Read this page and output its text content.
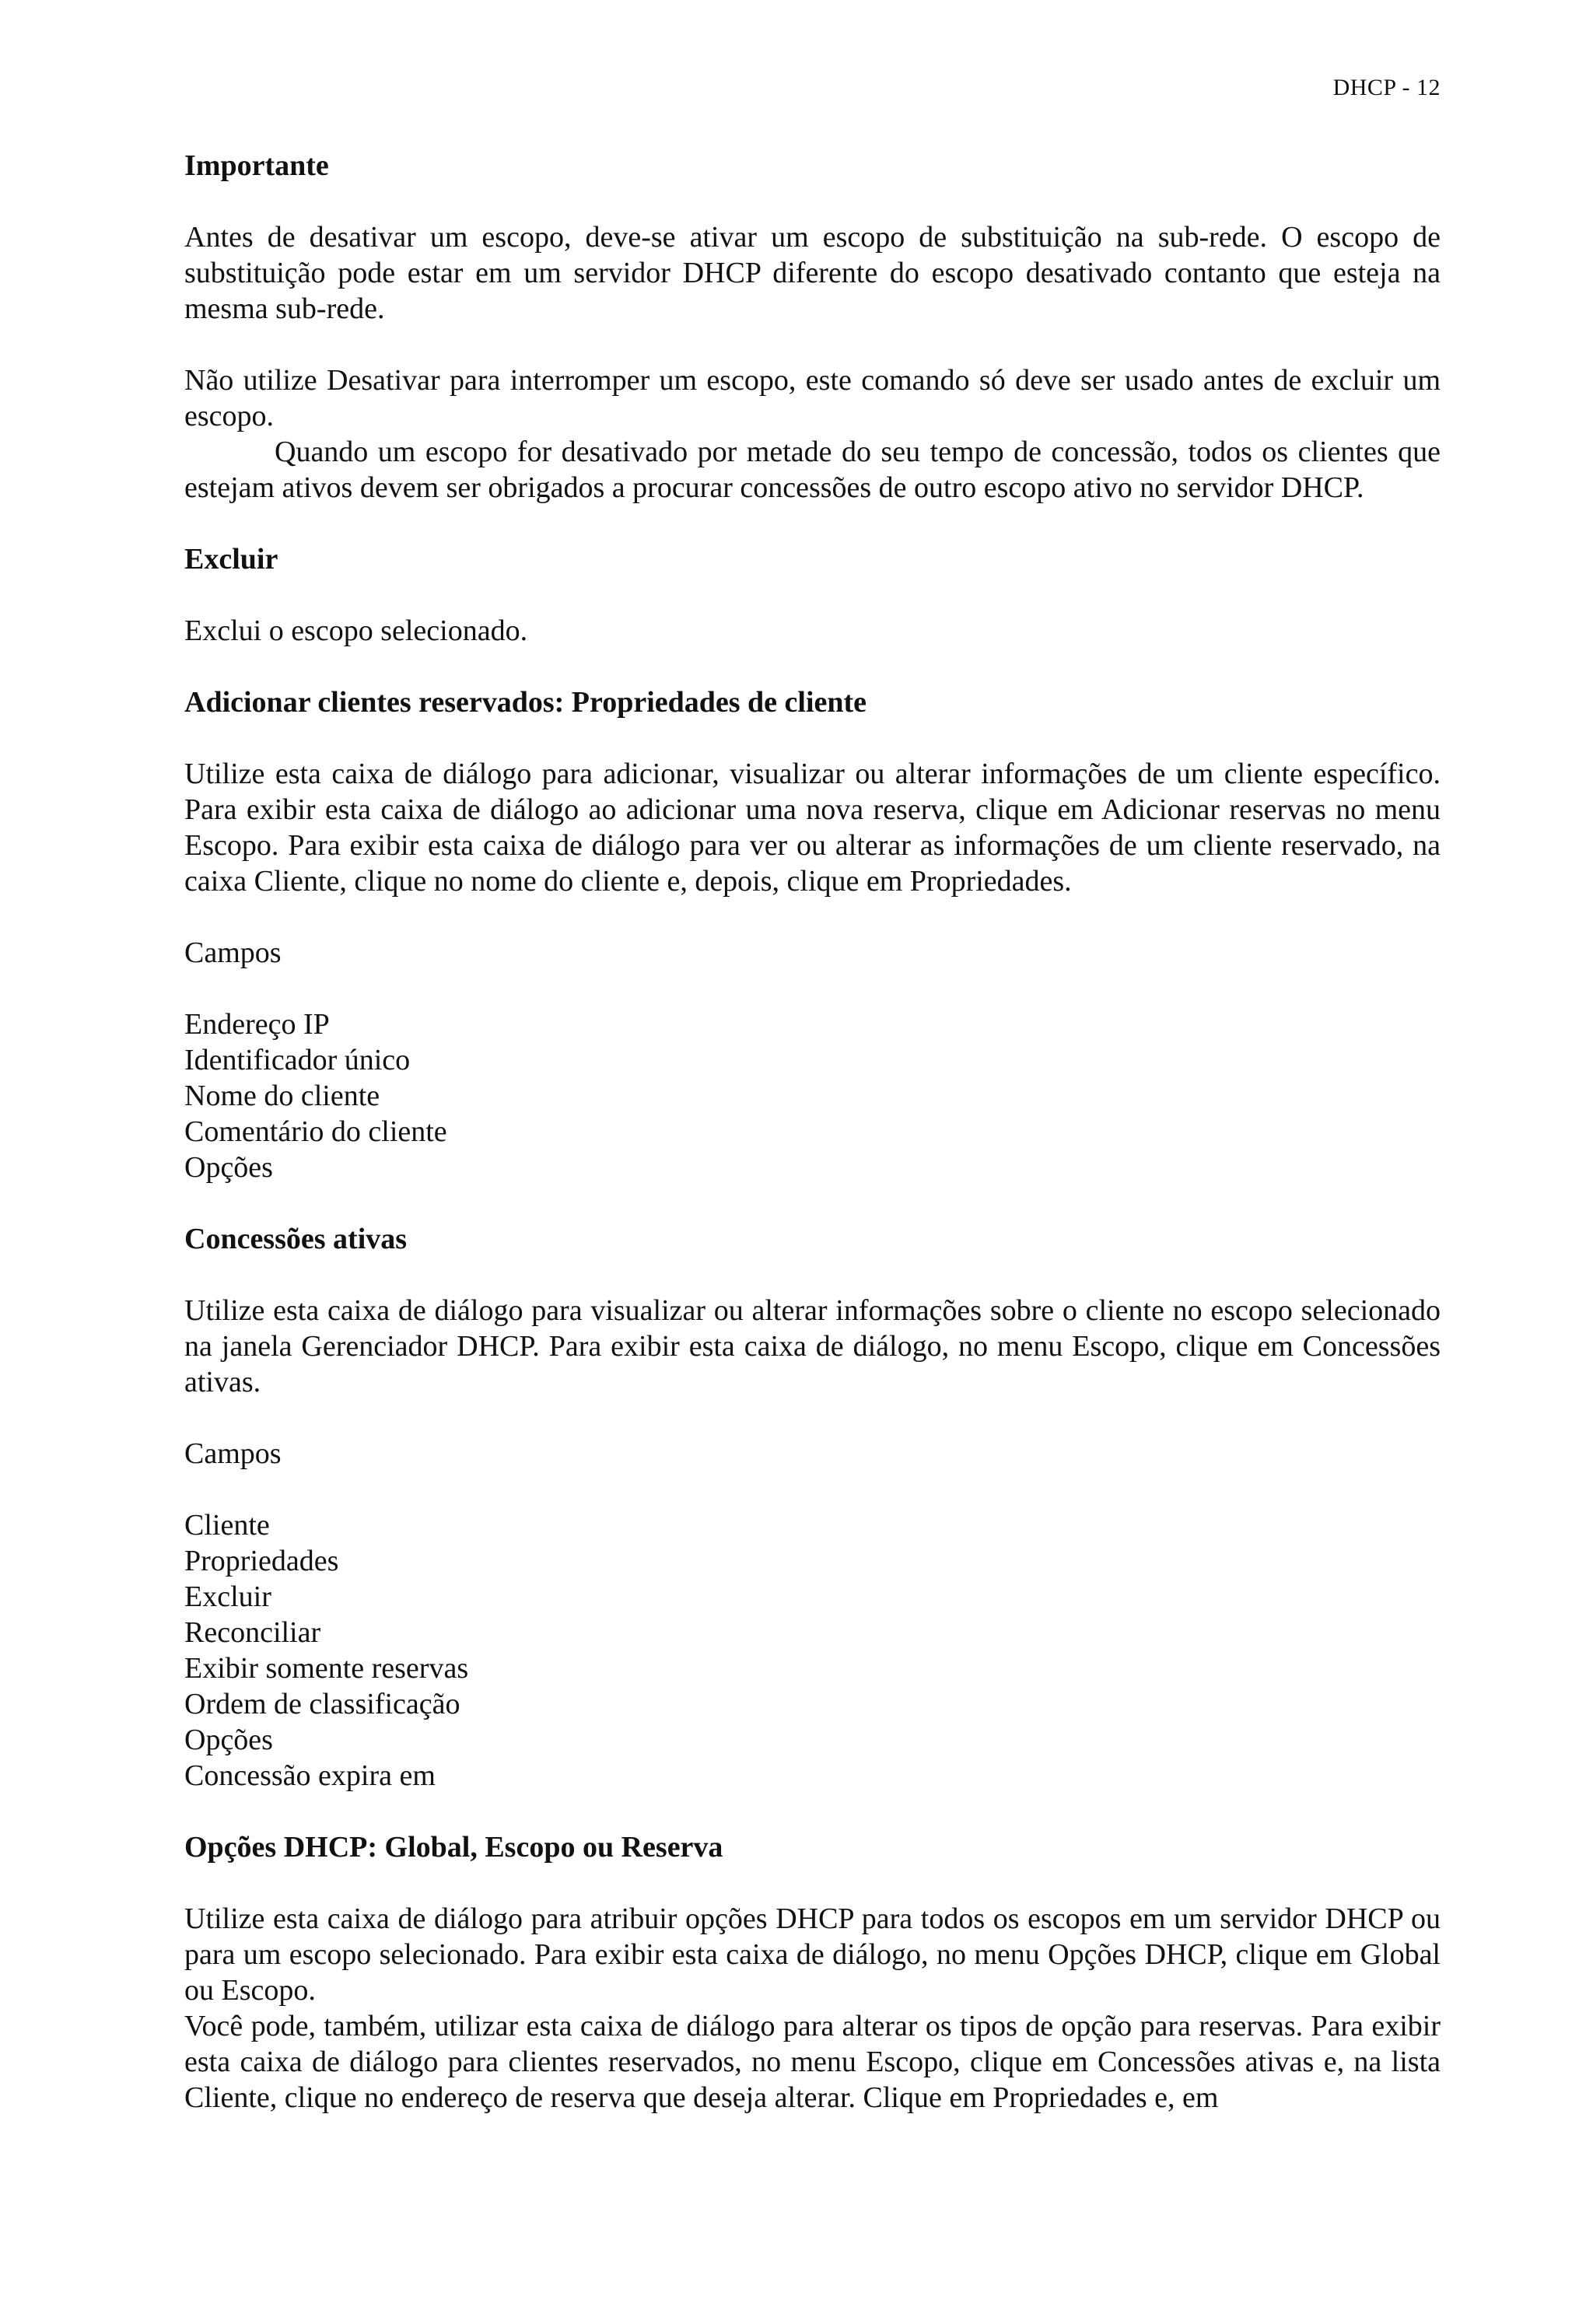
DHCP - 12
Importante

Antes de desativar um escopo, deve-se ativar um escopo de substituição na sub-rede. O escopo de substituição pode estar em um servidor DHCP diferente do escopo desativado contanto que esteja na mesma sub-rede.

Não utilize Desativar para interromper um escopo, este comando só deve ser usado antes de excluir um escopo.

Quando um escopo for desativado por metade do seu tempo de concessão, todos os clientes que estejam ativos devem ser obrigados a procurar concessões de outro escopo ativo no servidor DHCP.

Excluir

Exclui o escopo selecionado.

Adicionar clientes reservados: Propriedades de cliente

Utilize esta caixa de diálogo para adicionar, visualizar ou alterar informações de um cliente específico. Para exibir esta caixa de diálogo ao adicionar uma nova reserva, clique em Adicionar reservas no menu Escopo. Para exibir esta caixa de diálogo para ver ou alterar as informações de um cliente reservado, na caixa Cliente, clique no nome do cliente e, depois, clique em Propriedades.

Campos

Endereço IP
Identificador único
Nome do cliente
Comentário do cliente
Opções
Concessões ativas

Utilize esta caixa de diálogo para visualizar ou alterar informações sobre o cliente no escopo selecionado na janela Gerenciador DHCP. Para exibir esta caixa de diálogo, no menu Escopo, clique em Concessões ativas.

Campos

Cliente
Propriedades
Excluir
Reconciliar
Exibir somente reservas
Ordem de classificação
Opções
Concessão expira em
Opções DHCP: Global, Escopo ou Reserva

Utilize esta caixa de diálogo para atribuir opções DHCP para todos os escopos em um servidor DHCP ou para um escopo selecionado. Para exibir esta caixa de diálogo, no menu Opções DHCP, clique em Global ou Escopo.

Você pode, também, utilizar esta caixa de diálogo para alterar os tipos de opção para reservas. Para exibir esta caixa de diálogo para clientes reservados, no menu Escopo, clique em Concessões ativas e, na lista Cliente, clique no endereço de reserva que deseja alterar. Clique em Propriedades e, em
